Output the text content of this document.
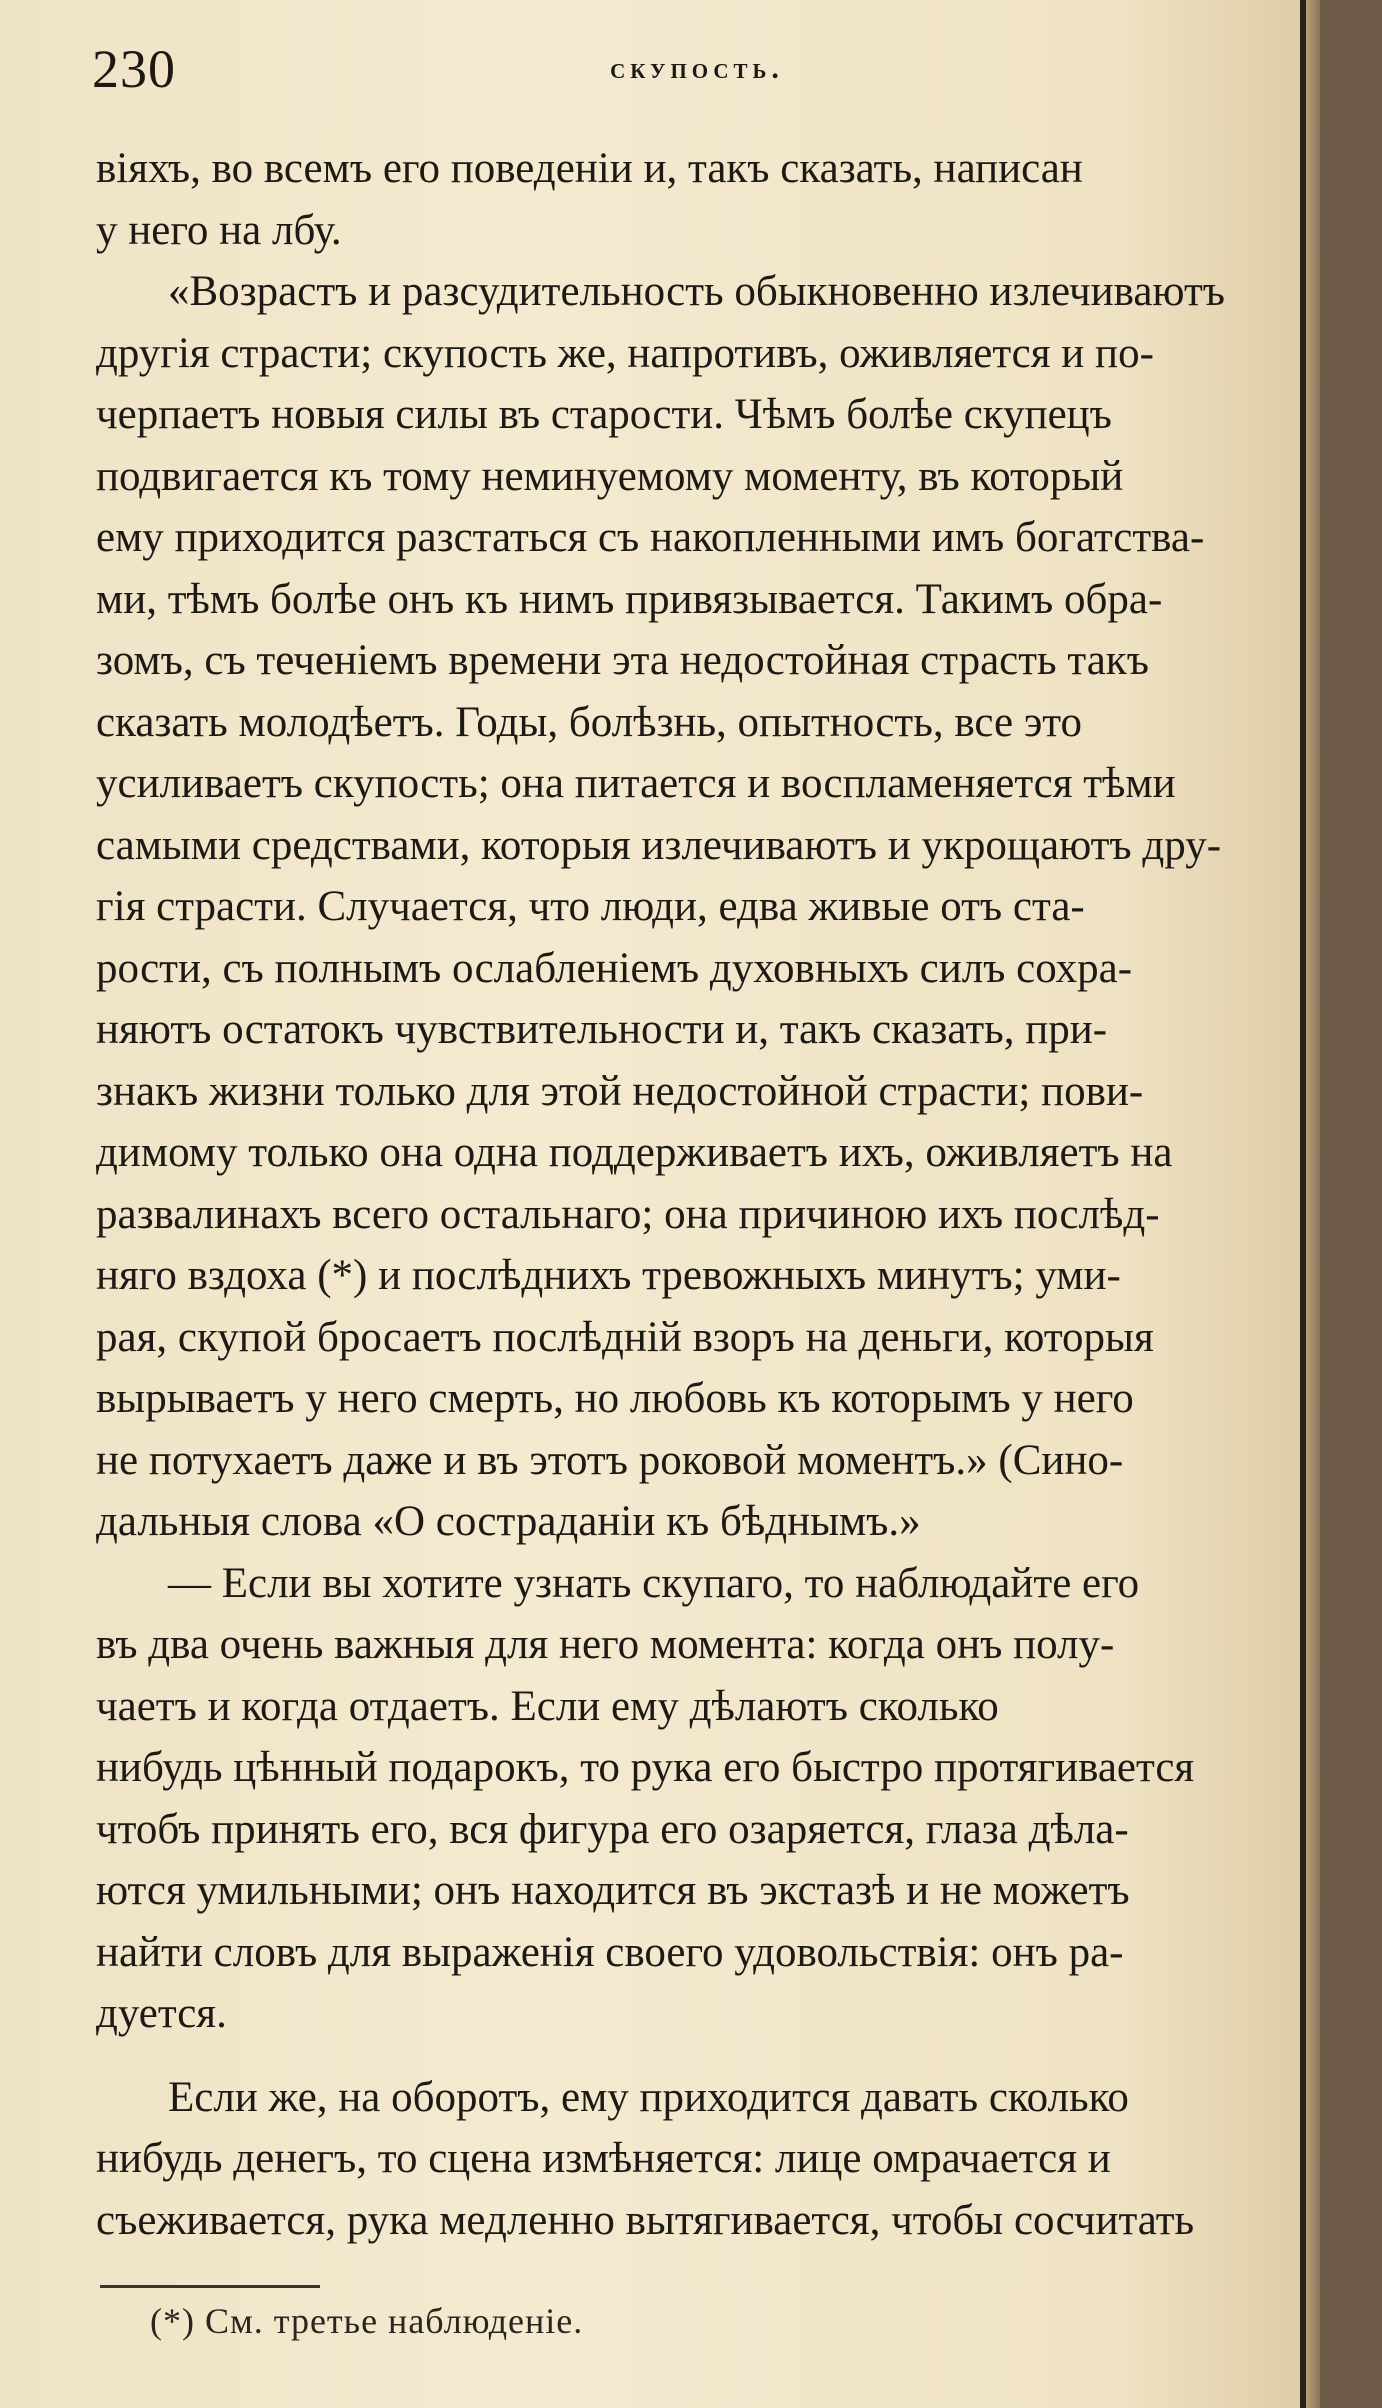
230	скупость.
віяхъ, во всемъ его поведеніи и, такъ сказать, написан
у него на лбу.
«Возрастъ и разсудительность обыкновенно излечиваютъ
другія страсти; скупость же, напротивъ, оживляется и по-
черпаетъ новыя силы въ старости. Чѣмъ болѣе скупецъ
подвигается къ тому неминуемому моменту, въ который
ему приходится разстаться съ накопленными имъ богатства-
ми, тѣмъ болѣе онъ къ нимъ привязывается. Такимъ обра-
зомъ, съ теченіемъ времени эта недостойная страсть такъ
сказать молодѣетъ. Годы, болѣзнь, опытность, все это
усиливаетъ скупость; она питается и воспламеняется тѣми
самыми средствами, которыя излечиваютъ и укрощаютъ дру-
гія страсти. Случается, что люди, едва живые отъ ста-
рости, съ полнымъ ослабленіемъ духовныхъ силъ сохра-
няютъ остатокъ чувствительности и, такъ сказать, при-
знакъ жизни только для этой недостойной страсти; пови-
димому только она одна поддерживаетъ ихъ, оживляетъ на
развалинахъ всего остальнаго; она причиною ихъ послѣд-
няго вздоха (*) и послѣднихъ тревожныхъ минутъ; уми-
рая, скупой бросаетъ послѣдній взоръ на деньги, которыя
вырываетъ у него смерть, но любовь къ которымъ у него
не потухаетъ даже и въ этотъ роковой моментъ.» (Сино-
дальныя слова «О состраданіи къ бѣднымъ.»
— Если вы хотите узнать скупаго, то наблюдайте его
въ два очень важныя для него момента: когда онъ полу-
чаетъ и когда отдаетъ. Если ему дѣлаютъ сколько
нибудь цѣнный подарокъ, то рука его быстро протягивается
чтобъ принять его, вся фигура его озаряется, глаза дѣла-
ются умильными; онъ находится въ экстазѣ и не можетъ
найти словъ для выраженія своего удовольствія: онъ ра-
дуется.
Если же, на оборотъ, ему приходится давать сколько
нибудь денегъ, то сцена измѣняется: лице омрачается и
съеживается, рука медленно вытягивается, чтобы сосчитать
(*) См. третье наблюденіе.
